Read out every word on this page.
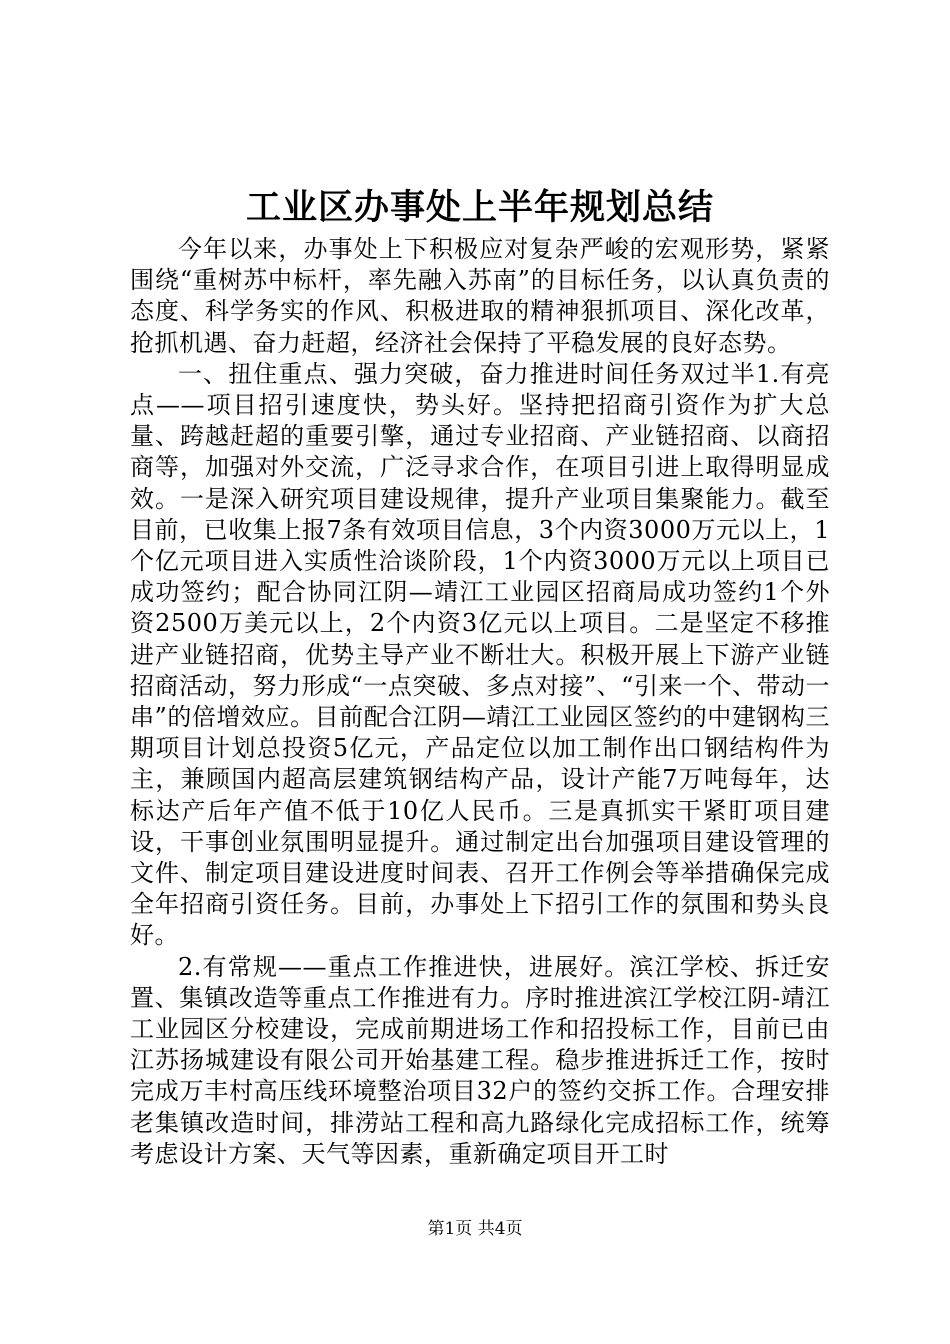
工业区办事处上半年规划总结

今年以来，办事处上下积极应对复杂严峻的宏观形势，紧紧围绕“重树苏中标杆，率先融入苏南”的目标任务，以认真负责的态度、科学务实的作风、积极进取的精神狠抓项目、深化改革，抢抓机遇、奋力赶超，经济社会保持了平稳发展的良好态势。

一、扭住重点、强力突破，奋力推进时间任务双过半1.有亮点——项目招引速度快，势头好。坚持把招商引资作为扩大总量、跨越赶超的重要引擎，通过专业招商、产业链招商、以商招商等，加强对外交流，广泛寻求合作，在项目引进上取得明显成效。一是深入研究项目建设规律，提升产业项目集聚能力。截至目前，已收集上报7条有效项目信息，3个内资3000万元以上，1个亿元项目进入实质性洽谈阶段，1个内资3000万元以上项目已成功签约；配合协同江阴—靖江工业园区招商局成功签约1个外资2500万美元以上，2个内资3亿元以上项目。二是坚定不移推进产业链招商，优势主导产业不断壮大。积极开展上下游产业链招商活动，努力形成“一点突破、多点对接”、“引来一个、带动一串”的倍增效应。目前配合江阴—靖江工业园区签约的中建钢构三期项目计划总投资5亿元，产品定位以加工制作出口钢结构件为主，兼顾国内超高层建筑钢结构产品，设计产能7万吨每年，达标达产后年产值不低于10亿人民币。三是真抓实干紧盯项目建设，干事创业氛围明显提升。通过制定出台加强项目建设管理的文件、制定项目建设进度时间表、召开工作例会等举措确保完成全年招商引资任务。目前，办事处上下招引工作的氛围和势头良好。

2.有常规——重点工作推进快，进展好。滨江学校、拆迁安置、集镇改造等重点工作推进有力。序时推进滨江学校江阴-靖江工业园区分校建设，完成前期进场工作和招投标工作，目前已由江苏扬城建设有限公司开始基建工程。稳步推进拆迁工作，按时完成万丰村高压线环境整治项目32户的签约交拆工作。合理安排老集镇改造时间，排涝站工程和高九路绿化完成招标工作，统筹考虑设计方案、天气等因素，重新确定项目开工时

第1页 共4页
